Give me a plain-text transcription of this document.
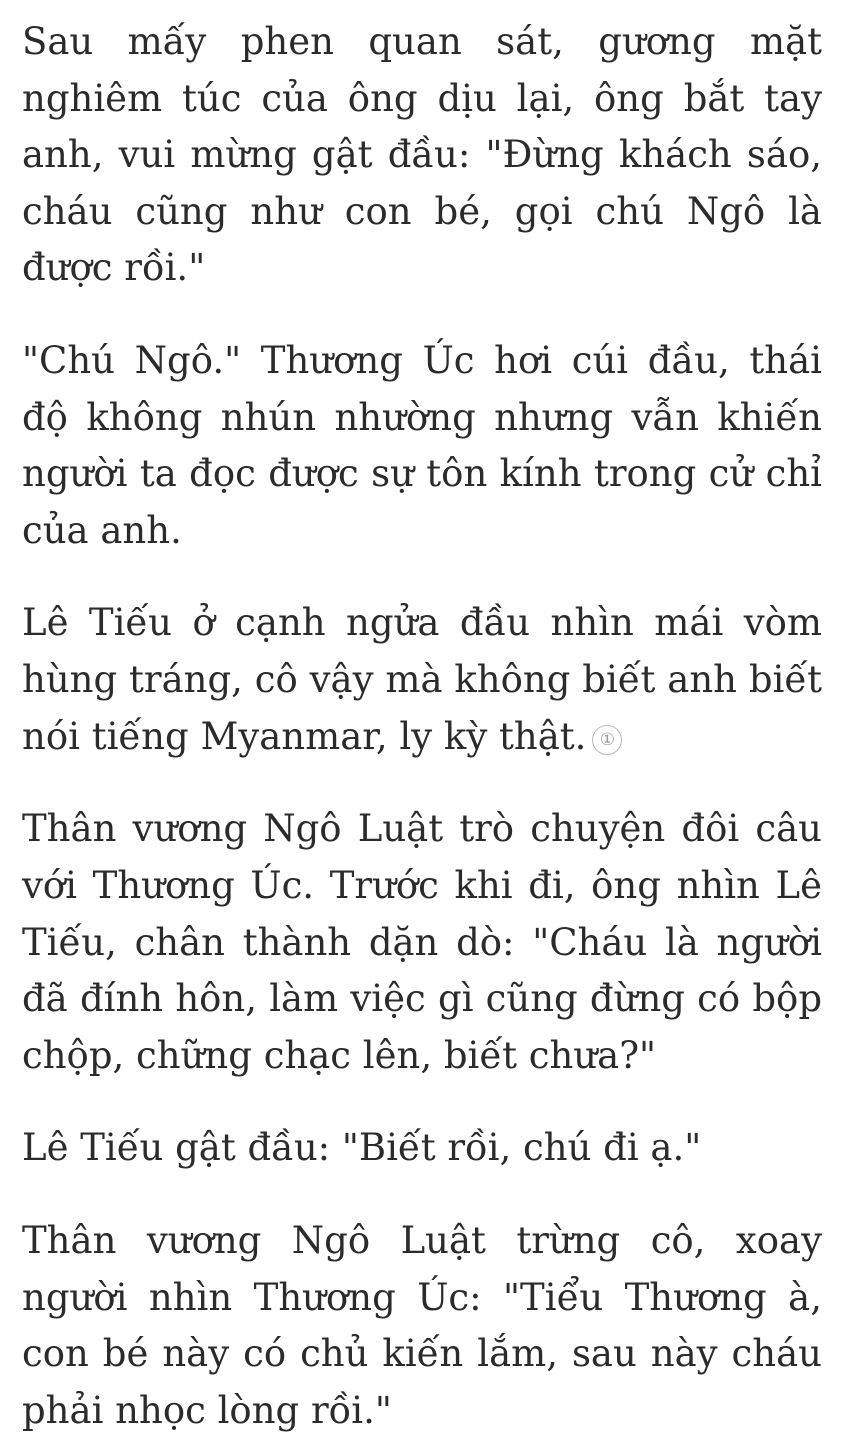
Sau mấy phen quan sát, gương mặt nghiêm túc của ông dịu lại, ông bắt tay anh, vui mừng gật đầu: "Đừng khách sáo, cháu cũng như con bé, gọi chú Ngô là được rồi."

"Chú Ngô." Thương Úc hơi cúi đầu, thái độ không nhún nhường nhưng vẫn khiến người ta đọc được sự tôn kính trong cử chỉ của anh.

Lê Tiếu ở cạnh ngửa đầu nhìn mái vòm hùng tráng, cô vậy mà không biết anh biết nói tiếng Myanmar, ly kỳ thật. ①

Thân vương Ngô Luật trò chuyện đôi câu với Thương Úc. Trước khi đi, ông nhìn Lê Tiếu, chân thành dặn dò: "Cháu là người đã đính hôn, làm việc gì cũng đừng có bộp chộp, chững chạc lên, biết chưa?"

Lê Tiếu gật đầu: "Biết rồi, chú đi ạ."

Thân vương Ngô Luật trừng cô, xoay người nhìn Thương Úc: "Tiểu Thương à, con bé này có chủ kiến lắm, sau này cháu phải nhọc lòng rồi."
